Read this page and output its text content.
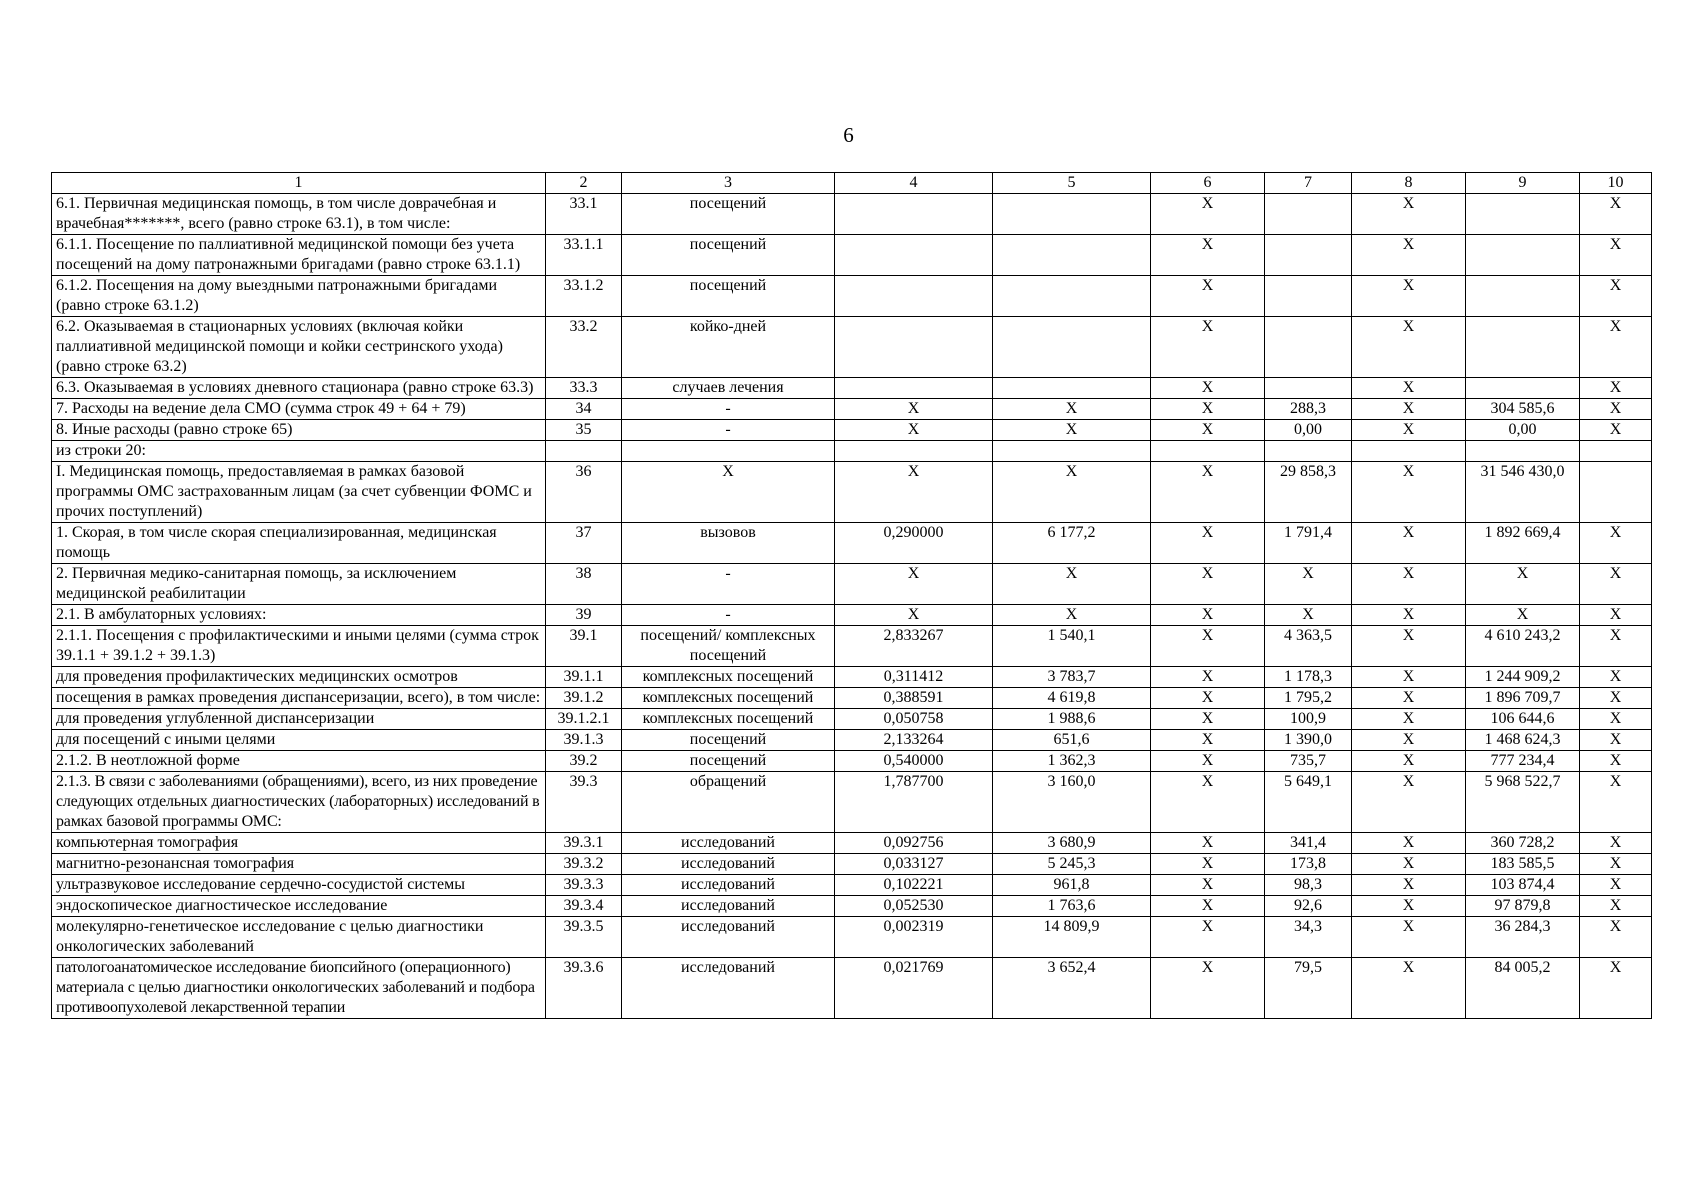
6
1	2	3	4	5	6	7	8	9	10
6.1. Первичная медицинская помощь, в том числе доврачебная и врачебная*******, всего (равно строке 63.1), в том числе:	33.1	посещений			X		X		X
6.1.1. Посещение по паллиативной медицинской помощи без учета посещений на дому патронажными бригадами (равно строке 63.1.1)	33.1.1	посещений			X		X		X
6.1.2. Посещения на дому выездными патронажными бригадами (равно строке 63.1.2)	33.1.2	посещений			X		X		X
6.2. Оказываемая в стационарных условиях (включая койки паллиативной медицинской помощи и койки сестринского ухода) (равно строке 63.2)	33.2	койко-дней			X		X		X
6.3. Оказываемая в условиях дневного стационара (равно строке 63.3)	33.3	случаев лечения			X		X		X
7. Расходы на ведение дела СМО (сумма строк 49 + 64 + 79)	34	-	X	X	X	288,3	X	304 585,6	X
8. Иные расходы (равно строке 65)	35	-	X	X	X	0,00	X	0,00	X
из строки 20:									
I. Медицинская помощь, предоставляемая в рамках базовой программы ОМС застрахованным лицам (за счет субвенции ФОМС и прочих поступлений)	36	X	X	X	X	29 858,3	X	31 546 430,0	
1. Скорая, в том числе скорая специализированная, медицинская помощь	37	вызовов	0,290000	6 177,2	X	1 791,4	X	1 892 669,4	X
2. Первичная медико-санитарная помощь, за исключением медицинской реабилитации	38	-	X	X	X	X	X	X	X
2.1. В амбулаторных условиях:	39	-	X	X	X	X	X	X	X
2.1.1. Посещения с профилактическими и иными целями (сумма строк 39.1.1 + 39.1.2 + 39.1.3)	39.1	посещений/ комплексных посещений	2,833267	1 540,1	X	4 363,5	X	4 610 243,2	X
для проведения профилактических медицинских осмотров	39.1.1	комплексных посещений	0,311412	3 783,7	X	1 178,3	X	1 244 909,2	X
посещения в рамках проведения диспансеризации, всего), в том числе:	39.1.2	комплексных посещений	0,388591	4 619,8	X	1 795,2	X	1 896 709,7	X
для проведения углубленной диспансеризации	39.1.2.1	комплексных посещений	0,050758	1 988,6	X	100,9	X	106 644,6	X
для посещений с иными целями	39.1.3	посещений	2,133264	651,6	X	1 390,0	X	1 468 624,3	X
2.1.2. В неотложной форме	39.2	посещений	0,540000	1 362,3	X	735,7	X	777 234,4	X
2.1.3. В связи с заболеваниями (обращениями), всего, из них проведение следующих отдельных диагностических (лабораторных) исследований в рамках базовой программы ОМС:	39.3	обращений	1,787700	3 160,0	X	5 649,1	X	5 968 522,7	X
компьютерная томография	39.3.1	исследований	0,092756	3 680,9	X	341,4	X	360 728,2	X
магнитно-резонансная томография	39.3.2	исследований	0,033127	5 245,3	X	173,8	X	183 585,5	X
ультразвуковое исследование сердечно-сосудистой системы	39.3.3	исследований	0,102221	961,8	X	98,3	X	103 874,4	X
эндоскопическое диагностическое исследование	39.3.4	исследований	0,052530	1 763,6	X	92,6	X	97 879,8	X
молекулярно-генетическое исследование с целью диагностики онкологических заболеваний	39.3.5	исследований	0,002319	14 809,9	X	34,3	X	36 284,3	X
патологоанатомическое исследование биопсийного (операционного) материала с целью диагностики онкологических заболеваний и подбора противоопухолевой лекарственной терапии	39.3.6	исследований	0,021769	3 652,4	X	79,5	X	84 005,2	X
